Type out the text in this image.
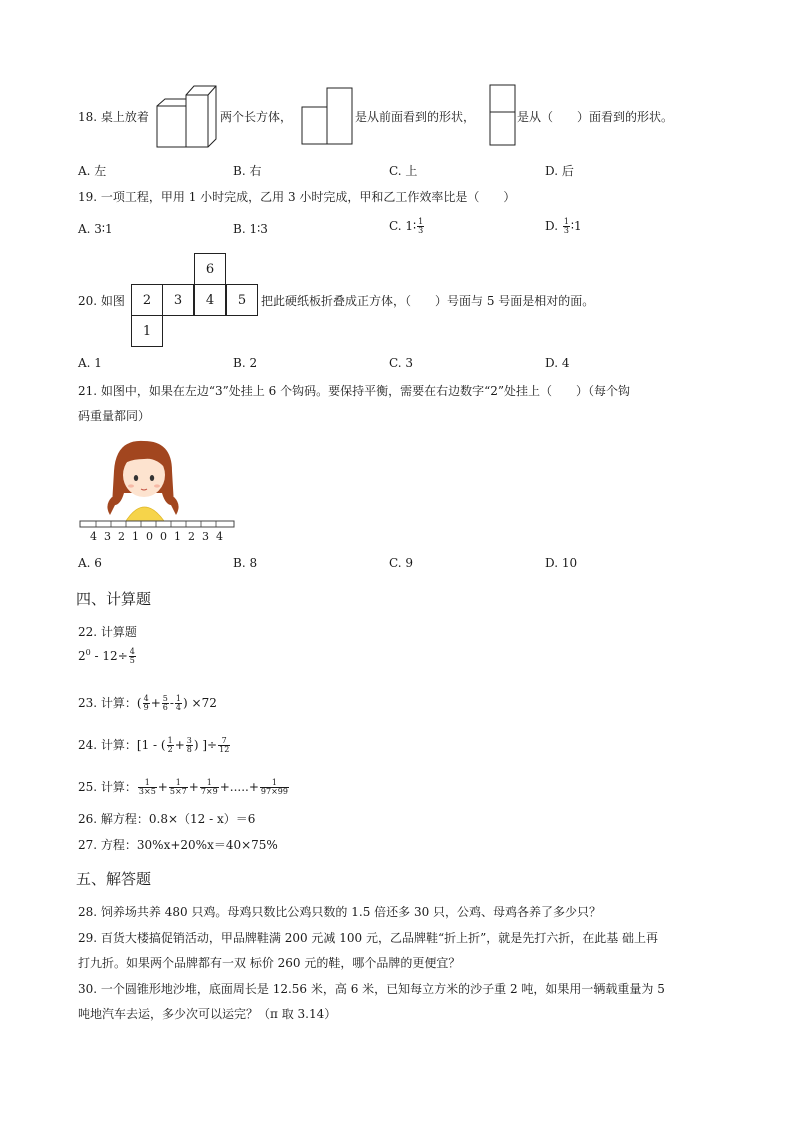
18. 桌上放着	两个长方体，	是从前面看到的形状，	是从（　　）面看到的形状。
A. 左	B. 右	C. 上	D. 后
19. 一项工程，甲用 1 小时完成，乙用 3 小时完成，甲和乙工作效率比是（　　）
A. 3∶1	B. 1∶3	C. 1∶ $\frac{1}{3}$	D. $\frac{1}{3}$ ∶1
20. 如图
6
2	3	4	5
1
把此硬纸板折叠成正方体，（　　）号面与 5 号面是相对的面。
A. 1	B. 2	C. 3	D. 4
21. 如图中，如果在左边“3”处挂上 6 个钩码。要保持平衡，需要在右边数字“2”处挂上（　　）（每个钩
码重量都同）
4 3 2 1 0 0 1 2 3 4
A. 6	B. 8	C. 9	D. 10
四、计算题
22. 计算题
$2^0 - 12\div \frac{4}{5}$
23. 计算：( $\frac{4}{9} + \frac{5}{6} - \frac{1}{4}$ ) ×72
24. 计算：[1 - ( $\frac{1}{2} + \frac{3}{8}$ ) ]÷ $\frac{7}{12}$
25. 计算： $\frac{1}{3\times 5} + \frac{1}{5\times 7} + \frac{1}{7\times 9}$ +.....+ $\frac{1}{97\times 99}$
26. 解方程：0.8×（12 - x）＝6
27. 方程：30%x+20%x＝40×75%
五、解答题
28. 饲养场共养 480 只鸡。母鸡只数比公鸡只数的 1.5 倍还多 30 只，公鸡、母鸡各养了多少只？
29. 百货大楼搞促销活动，甲品牌鞋满 200 元减 100 元，乙品牌鞋“折上折”，就是先打六折，在此基 础上再
打九折。如果两个品牌都有一双 标价 260 元的鞋，哪个品牌的更便宜？
30. 一个圆锥形地沙堆，底面周长是 12.56 米，高 6 米，已知每立方米的沙子重 2 吨，如果用一辆载重量为 5
吨地汽车去运，多少次可以运完？（π 取 3.14）
